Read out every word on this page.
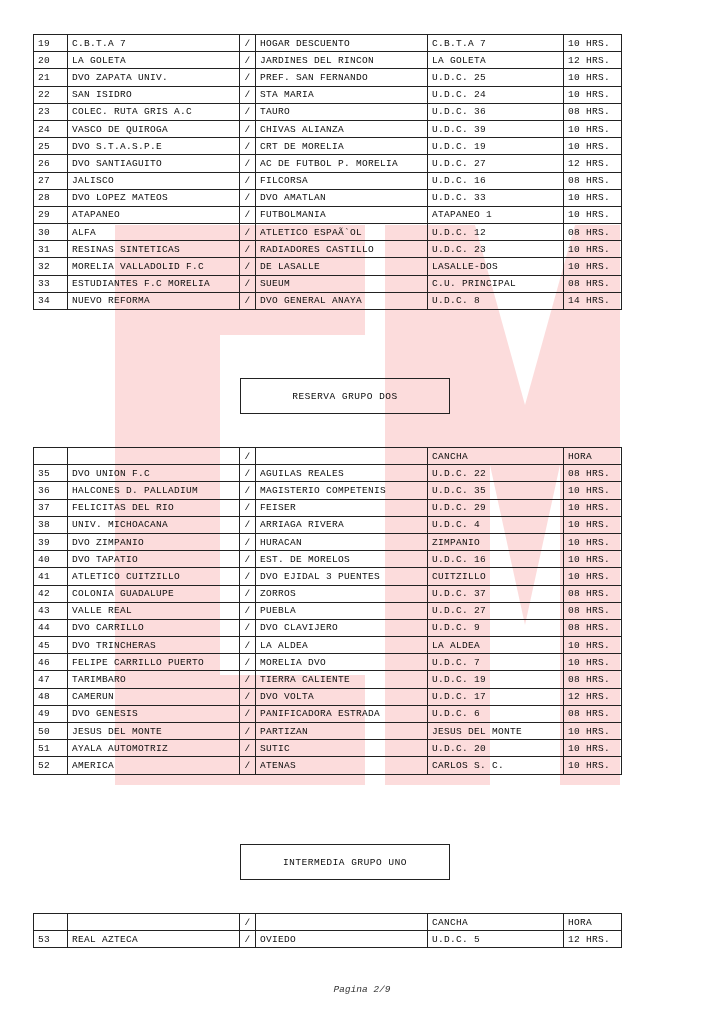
19	C.B.T.A 7	/	HOGAR DESCUENTO	C.B.T.A 7	10 HRS.
20	LA GOLETA	/	JARDINES DEL RINCON	LA GOLETA	12 HRS.
21	DVO ZAPATA UNIV.	/	PREF. SAN FERNANDO	U.D.C. 25	10 HRS.
22	SAN ISIDRO	/	STA MARIA	U.D.C. 24	10 HRS.
23	COLEC. RUTA GRIS A.C	/	TAURO	U.D.C. 36	08 HRS.
24	VASCO DE QUIROGA	/	CHIVAS ALIANZA	U.D.C. 39	10 HRS.
25	DVO S.T.A.S.P.E	/	CRT DE MORELIA	U.D.C. 19	10 HRS.
26	DVO SANTIAGUITO	/	AC DE FUTBOL P. MORELIA	U.D.C. 27	12 HRS.
27	JALISCO	/	FILCORSA	U.D.C. 16	08 HRS.
28	DVO LOPEZ MATEOS	/	DVO AMATLAN	U.D.C. 33	10 HRS.
29	ATAPANEO	/	FUTBOLMANIA	ATAPANEO 1	10 HRS.
30	ALFA	/	ATLETICO ESPAÃ`OL	U.D.C. 12	08 HRS.
31	RESINAS SINTETICAS	/	RADIADORES CASTILLO	U.D.C. 23	10 HRS.
32	MORELIA VALLADOLID F.C	/	DE LASALLE	LASALLE-DOS	10 HRS.
33	ESTUDIANTES F.C MORELIA	/	SUEUM	C.U. PRINCIPAL	08 HRS.
34	NUEVO REFORMA	/	DVO GENERAL ANAYA	U.D.C. 8	14 HRS.
RESERVA GRUPO DOS
		/		CANCHA	HORA
35	DVO UNION F.C	/	AGUILAS REALES	U.D.C. 22	08 HRS.
36	HALCONES D. PALLADIUM	/	MAGISTERIO COMPETENIS	U.D.C. 35	10 HRS.
37	FELICITAS DEL RIO	/	FEISER	U.D.C. 29	10 HRS.
38	UNIV. MICHOACANA	/	ARRIAGA RIVERA	U.D.C. 4	10 HRS.
39	DVO ZIMPANIO	/	HURACAN	ZIMPANIO	10 HRS.
40	DVO TAPATIO	/	EST. DE MORELOS	U.D.C. 16	10 HRS.
41	ATLETICO CUITZILLO	/	DVO EJIDAL 3 PUENTES	CUITZILLO	10 HRS.
42	COLONIA GUADALUPE	/	ZORROS	U.D.C. 37	08 HRS.
43	VALLE REAL	/	PUEBLA	U.D.C. 27	08 HRS.
44	DVO CARRILLO	/	DVO CLAVIJERO	U.D.C. 9	08 HRS.
45	DVO TRINCHERAS	/	LA ALDEA	LA ALDEA	10 HRS.
46	FELIPE CARRILLO PUERTO	/	MORELIA DVO	U.D.C. 7	10 HRS.
47	TARIMBARO	/	TIERRA CALIENTE	U.D.C. 19	08 HRS.
48	CAMERUN	/	DVO VOLTA	U.D.C. 17	12 HRS.
49	DVO GENESIS	/	PANIFICADORA ESTRADA	U.D.C. 6	08 HRS.
50	JESUS DEL MONTE	/	PARTIZAN	JESUS DEL MONTE	10 HRS.
51	AYALA AUTOMOTRIZ	/	SUTIC	U.D.C. 20	10 HRS.
52	AMERICA	/	ATENAS	CARLOS S. C.	10 HRS.
INTERMEDIA GRUPO UNO
		/		CANCHA	HORA
53	REAL AZTECA	/	OVIEDO	U.D.C. 5	12 HRS.
Pagina 2/9
